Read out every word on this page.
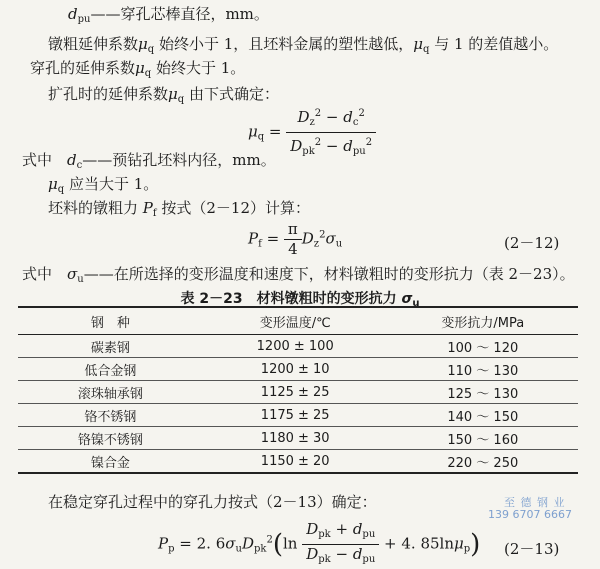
$d_{pu}——$穿孔芯棒直径，mm。
镦粗延伸系数$\mu_q$ 始终小于 1，且坯料金属的塑性越低，$\mu_q$ 与 1 的差值越小。
穿孔的延伸系数$\mu_q$ 始终大于 1。
扩孔时的延伸系数$\mu_q$ 由下式确定：
$\mu_q = \frac{D_z^2 - d_c^2}{D_{pk}^2 - d_{pu}^2}$
式中　 $d_c——$预钻孔坯料内径，mm。
$\mu_q$ 应当大于 1。
坯料的镦粗力 $P_f$ 按式（2－12）计算：
$P_f = \frac{\pi}{4} D_z^2\sigma_u$	(2－12)
式中　 $\sigma_u——$在所选择的变形温度和速度下，材料镦粗时的变形抗力（表 2－23）。
表 2－23　材料镦粗时的变形抗力 $\sigma_u$
钢　种	变形温度/℃	变形抗力/MPa
碳素钢	1200 ± 100	100 ～ 120
低合金钢	1200 ± 10	110 ～ 130
滚珠轴承钢	1125 ± 25	125 ～ 130
铬不锈钢	1175 ± 25	140 ～ 150
铬镍不锈钢	1180 ± 30	150 ～ 160
镍合金	1150 ± 20	220 ～ 250
在稳定穿孔过程中的穿孔力按式（2－13）确定：	至 德 钢 业
139 6707 6667
$P_p = 2$. $6\sigma_uD_{pk}^2(\ln \frac{D_{pk} + d_{pu}}{D_{pk} - d_{pu}} + 4$. 85lnμ$_p$) (2－13)
